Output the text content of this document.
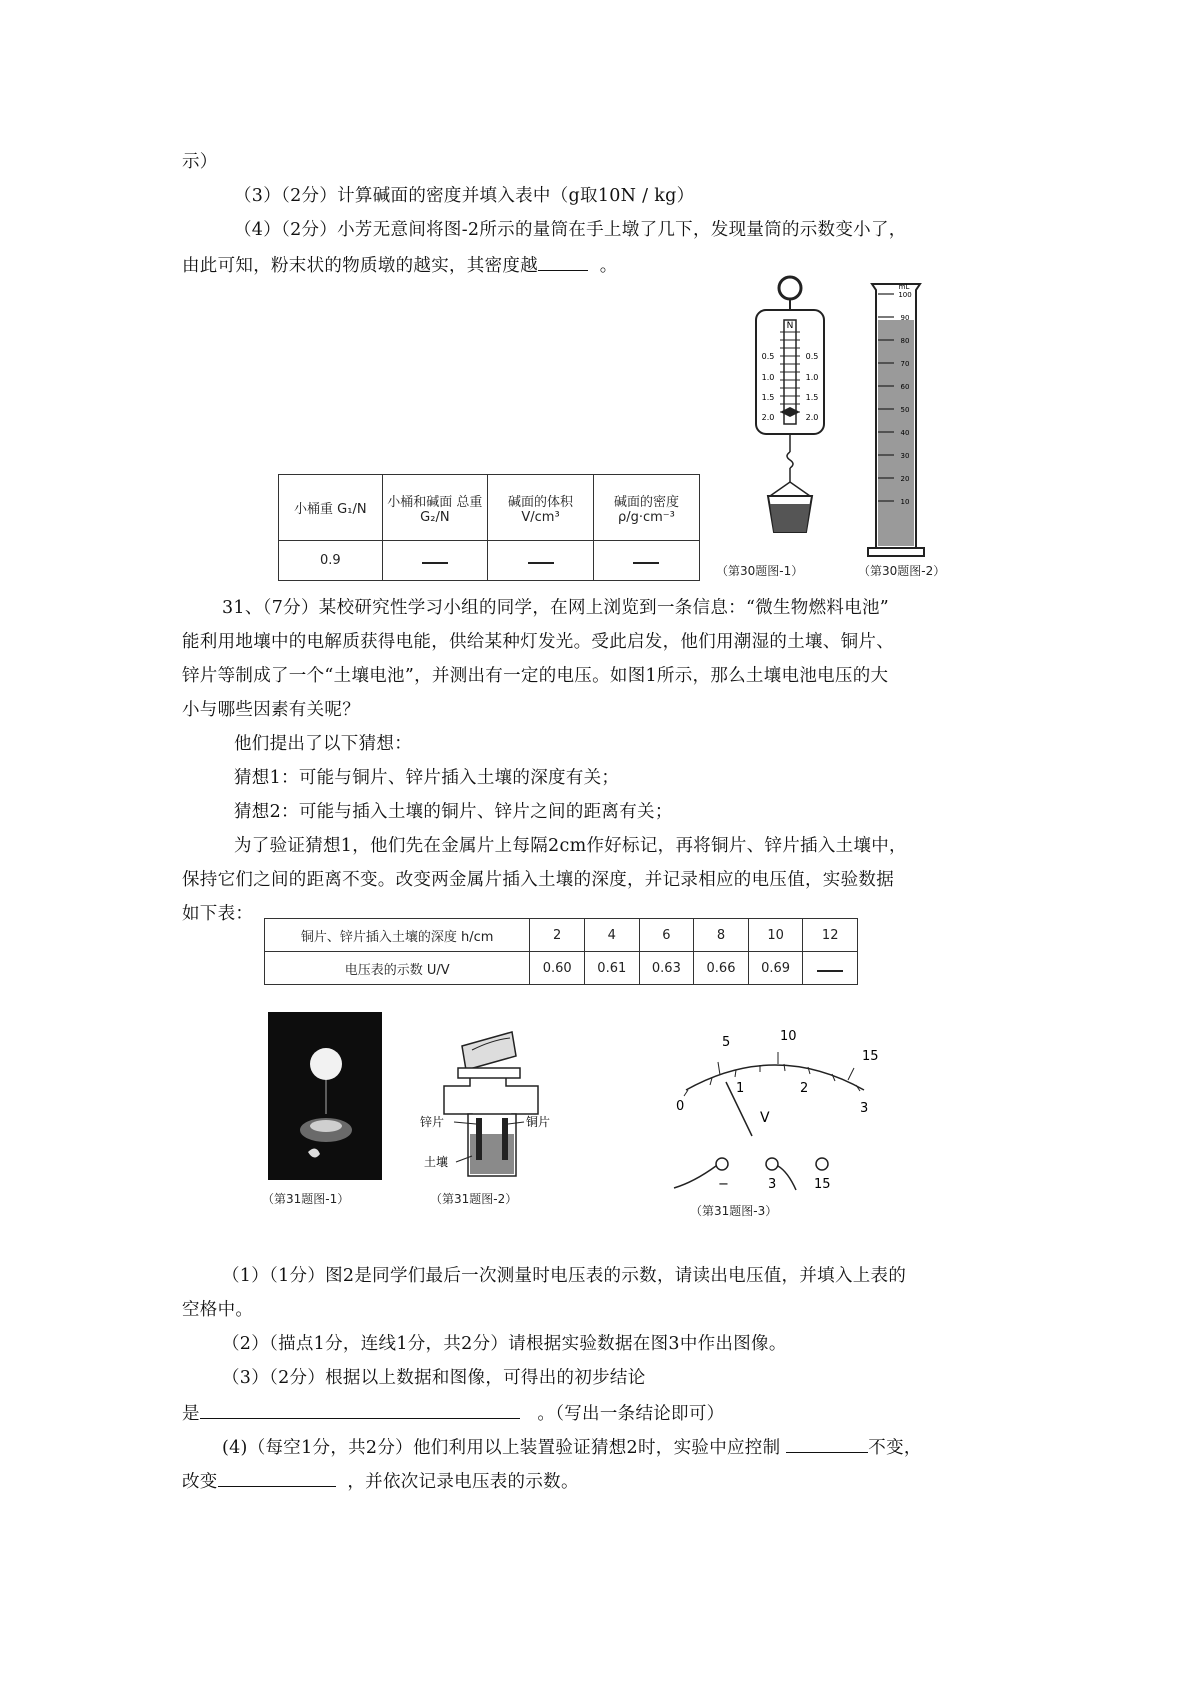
示）
（3）（2分）计算碱面的密度并填入表中（g取10N / kg）
（4）（2分）小芳无意间将图-2所示的量筒在手上墩了几下，发现量筒的示数变小了，
由此可知，粉末状的物质墩的越实，其密度越	。
小桶重 G₁/N	小桶和碱面 总重 G₂/N	碱面的体积 V/cm³	碱面的密度 ρ/g·cm⁻³
0.9			
N
0.5
1.0
1.5
2.0
0.5
1.0
1.5
2.0
（第30题图-1）
mL
100
90
80
70
60
50
40
30
20
10
（第30题图-2）
31、（7分）某校研究性学习小组的同学，在网上浏览到一条信息：“微生物燃料电池”
能利用地壤中的电解质获得电能，供给某种灯发光。受此启发，他们用潮湿的土壤、铜片、
锌片等制成了一个“土壤电池”，并测出有一定的电压。如图1所示，那么土壤电池电压的大
小与哪些因素有关呢？
他们提出了以下猜想：
猜想1：可能与铜片、锌片插入土壤的深度有关；
猜想2：可能与插入土壤的铜片、锌片之间的距离有关；
为了验证猜想1，他们先在金属片上每隔2cm作好标记，再将铜片、锌片插入土壤中，
保持它们之间的距离不变。改变两金属片插入土壤的深度，并记录相应的电压值，实验数据
如下表：
铜片、锌片插入土壤的深度 h/cm	2	4	6	8	10	12
电压表的示数 U/V	0.60	0.61	0.63	0.66	0.69	
（第31题图-1）
锌片	铜片
土壤
（第31题图-2）
5	10
15
0
1	2
3
V
−	3	15
（第31题图-3）
（1）（1分）图2是同学们最后一次测量时电压表的示数，请读出电压值，并填入上表的
空格中。
（2）（描点1分，连线1分，共2分）请根据实验数据在图3中作出图像。
（3）（2分）根据以上数据和图像，可得出的初步结论
是	。（写出一条结论即可）
(4)（每空1分，共2分）他们利用以上装置验证猜想2时，实验中应控制	不变，
改变	，并依次记录电压表的示数。
